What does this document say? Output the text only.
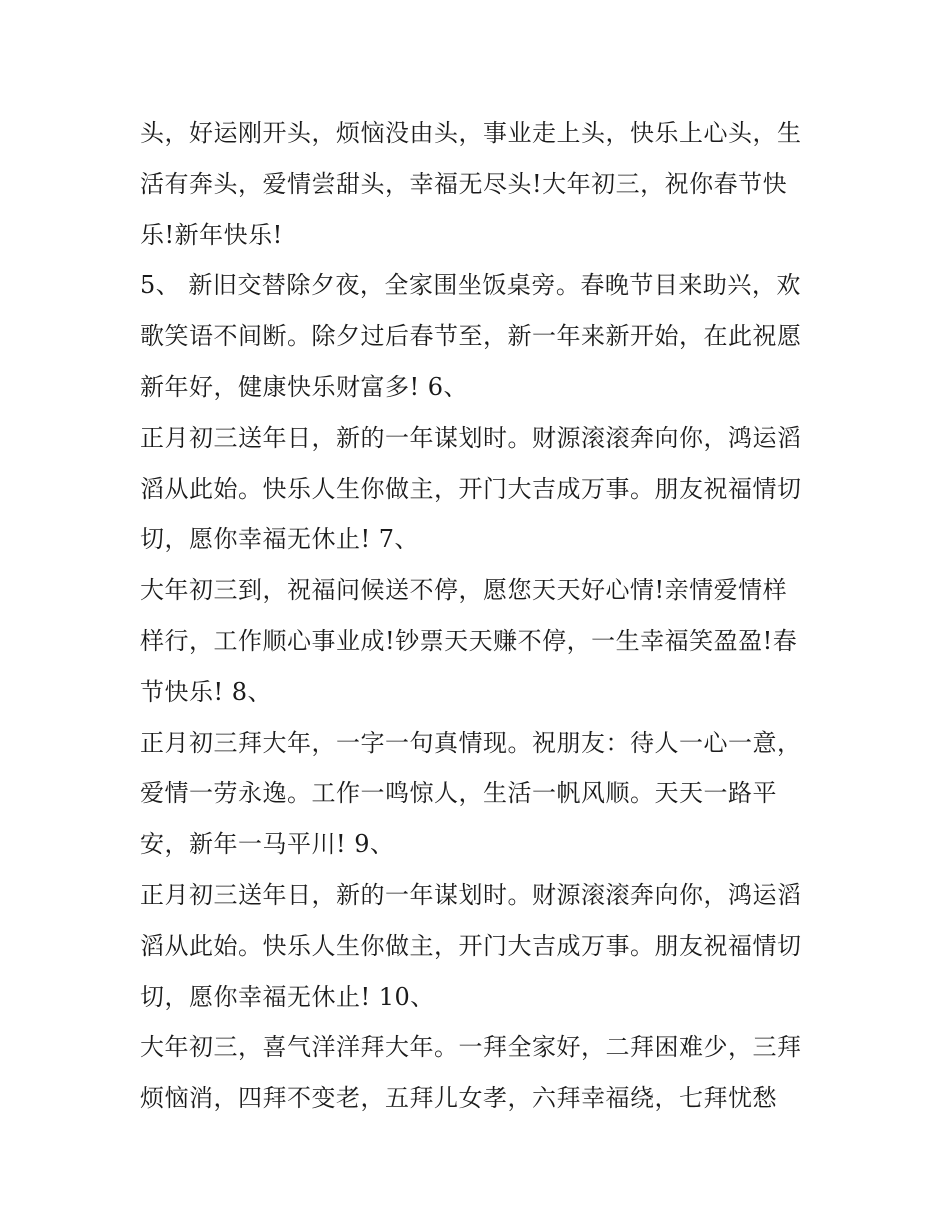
头，好运刚开头，烦恼没由头，事业走上头，快乐上心头，生
活有奔头，爱情尝甜头，幸福无尽头!大年初三，祝你春节快
乐!新年快乐!
5、 新旧交替除夕夜，全家围坐饭桌旁。春晚节目来助兴，欢
歌笑语不间断。除夕过后春节至，新一年来新开始，在此祝愿
新年好，健康快乐财富多! 6、
正月初三送年日，新的一年谋划时。财源滚滚奔向你，鸿运滔
滔从此始。快乐人生你做主，开门大吉成万事。朋友祝福情切
切，愿你幸福无休止! 7、
大年初三到，祝福问候送不停，愿您天天好心情!亲情爱情样
样行，工作顺心事业成!钞票天天赚不停，一生幸福笑盈盈!春
节快乐! 8、
正月初三拜大年，一字一句真情现。祝朋友：待人一心一意，
爱情一劳永逸。工作一鸣惊人，生活一帆风顺。天天一路平
安，新年一马平川! 9、
正月初三送年日，新的一年谋划时。财源滚滚奔向你，鸿运滔
滔从此始。快乐人生你做主，开门大吉成万事。朋友祝福情切
切，愿你幸福无休止! 10、
大年初三，喜气洋洋拜大年。一拜全家好，二拜困难少，三拜
烦恼消，四拜不变老，五拜儿女孝，六拜幸福绕，七拜忧愁
